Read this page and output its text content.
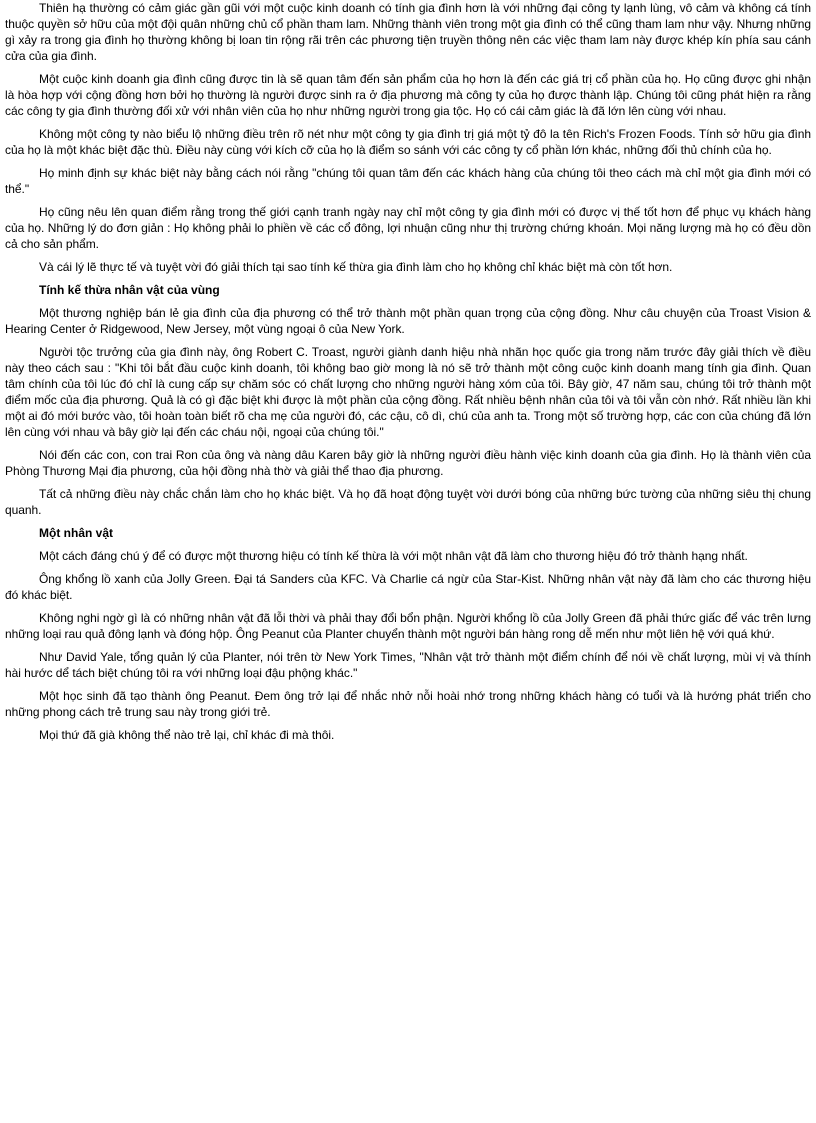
Thiên hạ thường có cảm giác gần gũi với một cuộc kinh doanh có tính gia đình hơn là với những đại công ty lạnh lùng, vô cảm và không cá tính thuộc quyền sở hữu của một đội quân những chủ cổ phần tham lam. Những thành viên trong một gia đình có thể cũng tham lam như vậy. Nhưng những gì xảy ra trong gia đình họ thường không bị loan tin rộng rãi trên các phương tiện truyền thông nên các việc tham lam này được khép kín phía sau cánh cửa của gia đình.

Một cuộc kinh doanh gia đình cũng được tin là sẽ quan tâm đến sản phẩm của họ hơn là đến các giá trị cổ phần của họ. Họ cũng được ghi nhận là hòa hợp với cộng đồng hơn bởi họ thường là người được sinh ra ở địa phương mà công ty của họ được thành lập. Chúng tôi cũng phát hiện ra rằng các công ty gia đình thường đối xử với nhân viên của họ như những người trong gia tộc. Họ có cái cảm giác là đã lớn lên cùng với nhau.

Không một công ty nào biểu lộ những điều trên rõ nét như một công ty gia đình trị giá một tỷ đô la tên Rich's Frozen Foods. Tính sở hữu gia đình của họ là một khác biệt đặc thù. Điều này cùng với kích cỡ của họ là điểm so sánh với các công ty cổ phần lớn khác, những đối thủ chính của họ.

Họ minh định sự khác biệt này bằng cách nói rằng "chúng tôi quan tâm đến các khách hàng của chúng tôi theo cách mà chỉ một gia đình mới có thể."

Họ cũng nêu lên quan điểm rằng trong thế giới cạnh tranh ngày nay chỉ một công ty gia đình mới có được vị thế tốt hơn để phục vụ khách hàng của họ. Những lý do đơn giản : Họ không phải lo phiền về các cổ đông, lợi nhuận cũng như thị trường chứng khoán. Mọi năng lượng mà họ có đều dồn cả cho sản phẩm.

Và cái lý lẽ thực tế và tuyệt vời đó giải thích tại sao tính kế thừa gia đình làm cho họ không chỉ khác biệt mà còn tốt hơn.

Tính kế thừa nhân vật của vùng

Một thương nghiệp bán lẻ gia đình của địa phương có thể trở thành một phần quan trọng của cộng đồng. Như câu chuyện của Troast Vision & Hearing Center ở Ridgewood, New Jersey, một vùng ngoại ô của New York.

Người tộc trưởng của gia đình này, ông Robert C. Troast, người giành danh hiệu nhà nhãn học quốc gia trong năm trước đây giải thích về điều này theo cách sau : "Khi tôi bắt đầu cuộc kinh doanh, tôi không bao giờ mong là nó sẽ trở thành một công cuộc kinh doanh mang tính gia đình. Quan tâm chính của tôi lúc đó chỉ là cung cấp sự chăm sóc có chất lượng cho những người hàng xóm của tôi. Bây giờ, 47 năm sau, chúng tôi trở thành một điểm mốc của địa phương. Quả là có gì đặc biệt khi được là một phần của cộng đồng. Rất nhiều bệnh nhân của tôi và tôi vẫn còn nhớ. Rất nhiều lần khi một ai đó mới bước vào, tôi hoàn toàn biết rõ cha mẹ của người đó, các cậu, cô dì, chú của anh ta. Trong một số trường hợp, các con của chúng đã lớn lên cùng với nhau và bây giờ lại đến các cháu nội, ngoại của chúng tôi."

Nói đến các con, con trai Ron của ông và nàng dâu Karen bây giờ là những người điều hành việc kinh doanh của gia đình. Họ là thành viên của Phòng Thương Mại địa phương, của hội đồng nhà thờ và giải thể thao địa phương.

Tất cả những điều này chắc chắn làm cho họ khác biệt. Và họ đã hoạt động tuyệt vời dưới bóng của những bức tường của những siêu thị chung quanh.

Một nhân vật

Một cách đáng chú ý để có được một thương hiệu có tính kế thừa là với một nhân vật đã làm cho thương hiệu đó trở thành hạng nhất.

Ông khổng lồ xanh của Jolly Green. Đại tá Sanders của KFC. Và Charlie cá ngừ của Star-Kist. Những nhân vật này đã làm cho các thương hiệu đó khác biệt.

Không nghi ngờ gì là có những nhân vật đã lỗi thời và phải thay đổi bổn phận. Người khổng lồ của Jolly Green đã phải thức giấc để vác trên lưng những loại rau quả đông lạnh và đóng hộp. Ông Peanut của Planter chuyển thành một người bán hàng rong dễ mến như một liên hệ với quá khứ.

Như David Yale, tổng quản lý của Planter, nói trên tờ New York Times, "Nhân vật trở thành một điểm chính để nói về chất lượng, mùi vị và thính hài hước dể tách biệt chúng tôi ra với những loại đậu phộng khác."

Một học sinh đã tạo thành ông Peanut. Đem ông trở lại để nhắc nhở nỗi hoài nhớ trong những khách hàng có tuổi và là hướng phát triển cho những phong cách trẻ trung sau này trong giới trẻ.

Mọi thứ đã già không thể nào trẻ lại, chỉ khác đi mà thôi.
